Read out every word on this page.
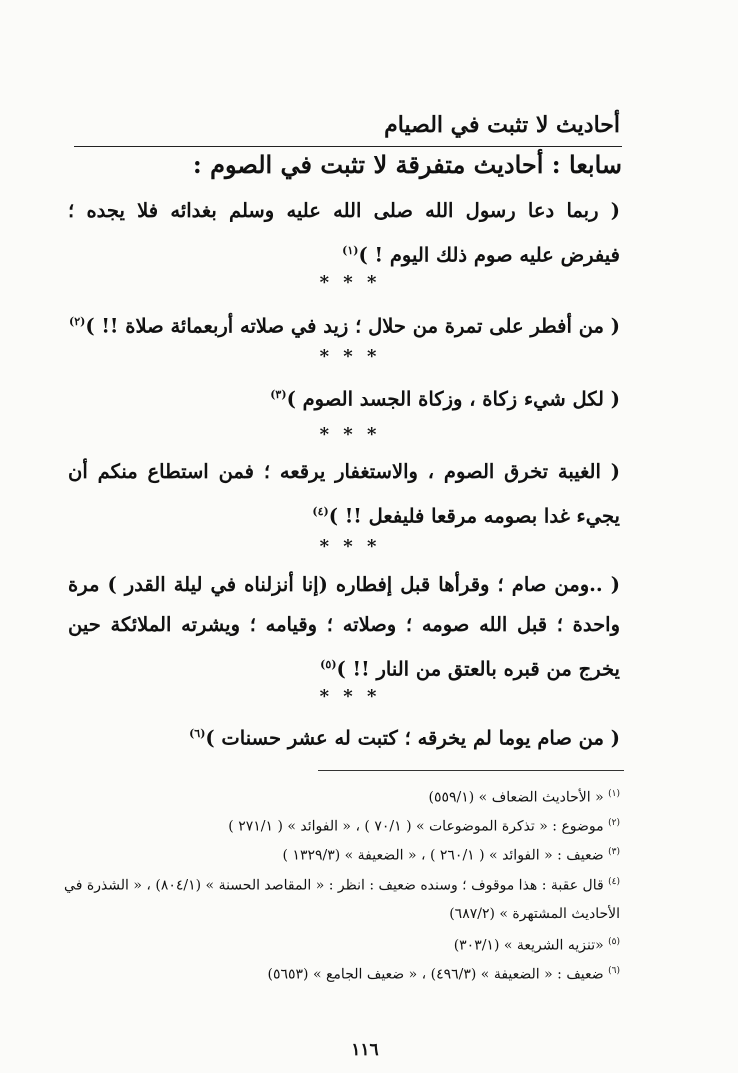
أحاديث لا تثبت في الصيام
سابعا : أحاديث متفرقة لا تثبت في الصوم :
( ربما دعا رسول الله صلى الله عليه وسلم بغدائه فلا يجده ؛ فيفرض عليه صوم ذلك اليوم ! )$^{(١)}$
* * *
( من أفطر على تمرة من حلال ؛ زيد في صلاته أربعمائة صلاة !! )$^{(٢)}$
* * *
( لكل شيء زكاة ، وزكاة الجسد الصوم )$^{(٣)}$
* * *
( الغيبة تخرق الصوم ، والاستغفار يرقعه ؛ فمن استطاع منكم أن يجيء غدا بصومه مرقعا فليفعل !! )$^{(٤)}$
* * *
( ..ومن صام ؛ وقرأها قبل إفطاره (إنا أنزلناه في ليلة القدر ) مرة واحدة ؛ قبل الله صومه ؛ وصلاته ؛ وقيامه ؛ ويشرته الملائكة حين يخرج من قبره بالعتق من النار !! )$^{(٥)}$
* * *
( من صام يوما لم يخرقه ؛ كتبت له عشر حسنات )$^{(٦)}$
$^{(١)}$ « الأحاديث الضعاف » (٥٥٩/١)
$^{(٢)}$ موضوع : « تذكرة الموضوعات » ( ٧٠/١ ) ، « الفوائد » ( ٢٧١/١ )
$^{(٣)}$ ضعيف : « الفوائد » ( ٢٦٠/١ ) ، « الضعيفة » (١٣٢٩/٣ )
$^{(٤)}$ قال عقبة : هذا موقوف ؛ وسنده ضعيف : انظر : « المقاصد الحسنة » (٨٠٤/١) ، « الشذرة في
الأحاديث المشتهرة » (٦٨٧/٢)
$^{(٥)}$ «تنزيه الشريعة » (٣٠٣/١)
$^{(٦)}$ ضعيف : « الضعيفة » (٤٩٦/٣) ، « ضعيف الجامع » (٥٦٥٣)
١١٦
